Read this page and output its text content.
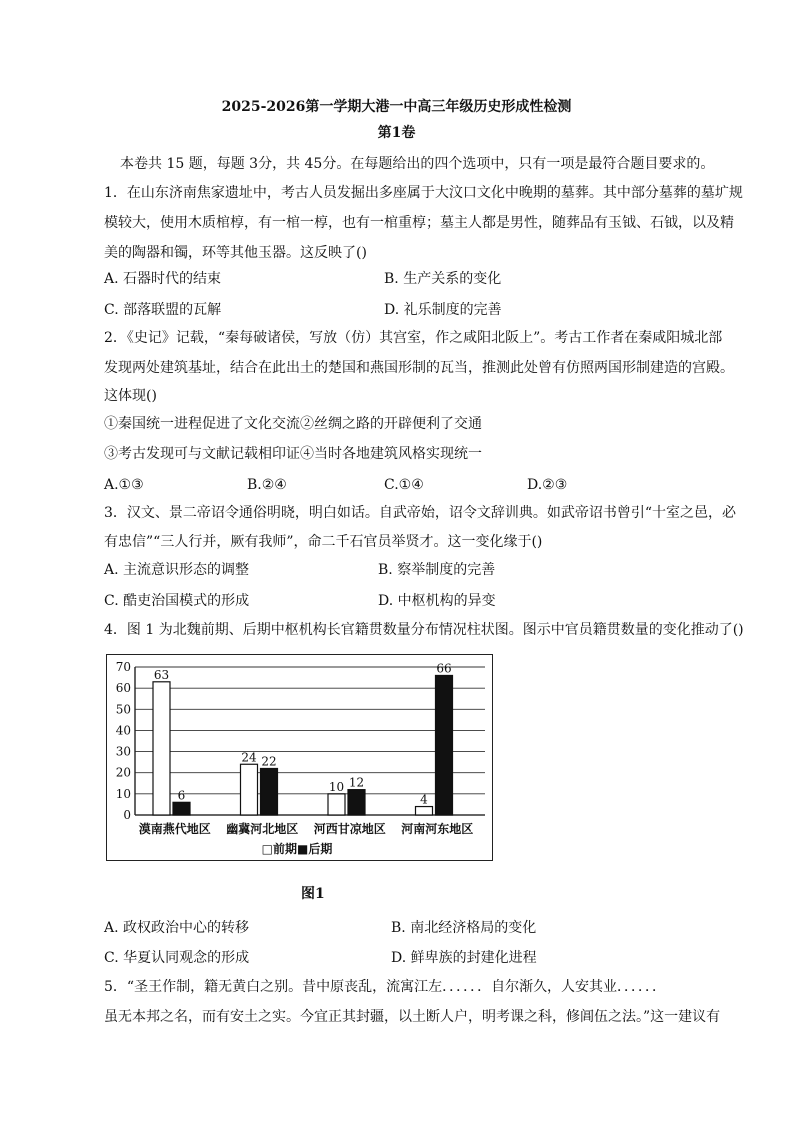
2025-2026第一学期大港一中高三年级历史形成性检测
第1卷
本卷共 15 题，每题 3分，共 45分。在每题给出的四个选项中，只有一项是最符合题目要求的。
1．在山东济南焦家遗址中，考古人员发掘出多座属于大汶口文化中晚期的墓葬。其中部分墓葬的墓圹规
模较大，使用木质棺椁，有一棺一椁，也有一棺重椁；墓主人都是男性，随葬品有玉钺、石钺，以及精
美的陶器和镯，环等其他玉器。这反映了()
A. 石器时代的结束	B. 生产关系的变化
C. 部落联盟的瓦解	D. 礼乐制度的完善
2．《史记》记载，“秦每破诸侯，写放（仿）其宫室，作之咸阳北阪上”。考古工作者在秦咸阳城北部
发现两处建筑基址，结合在此出土的楚国和燕国形制的瓦当，推测此处曾有仿照两国形制建造的宫殿。
这体现()
①秦国统一进程促进了文化交流②丝绸之路的开辟便利了交通
③考古发现可与文献记载相印证④当时各地建筑风格实现统一
A.①③	B.②④	C.①④	D.②③
3．汉文、景二帝诏令通俗明晓，明白如话。自武帝始，诏令文辞训典。如武帝诏书曾引“十室之邑，必
有忠信”“三人行并，厥有我师”，命二千石官员举贤才。这一变化缘于()
A. 主流意识形态的调整	B. 察举制度的完善
C. 酷吏治国模式的形成	D. 中枢机构的异变
4．图 1 为北魏前期、后期中枢机构长官籍贯数量分布情况柱状图。图示中官员籍贯数量的变化推动了()
0
10
20
30
40
50
60
70
63
6
漠南燕代地区
24 22
幽冀河北地区
10 12
河西甘凉地区
4
66
河南河东地区
□前期■后期
图1
A. 政权政治中心的转移	B. 南北经济格局的变化
C. 华夏认同观念的形成	D. 鲜卑族的封建化进程
5．“圣王作制，籍无黄白之别。昔中原丧乱，流寓江左．．．．．．自尔渐久，人安其业．．．．．．
虽无本邦之名，而有安土之实。今宜正其封疆，以土断人户，明考课之科，修阊伍之法。”这一建议有
